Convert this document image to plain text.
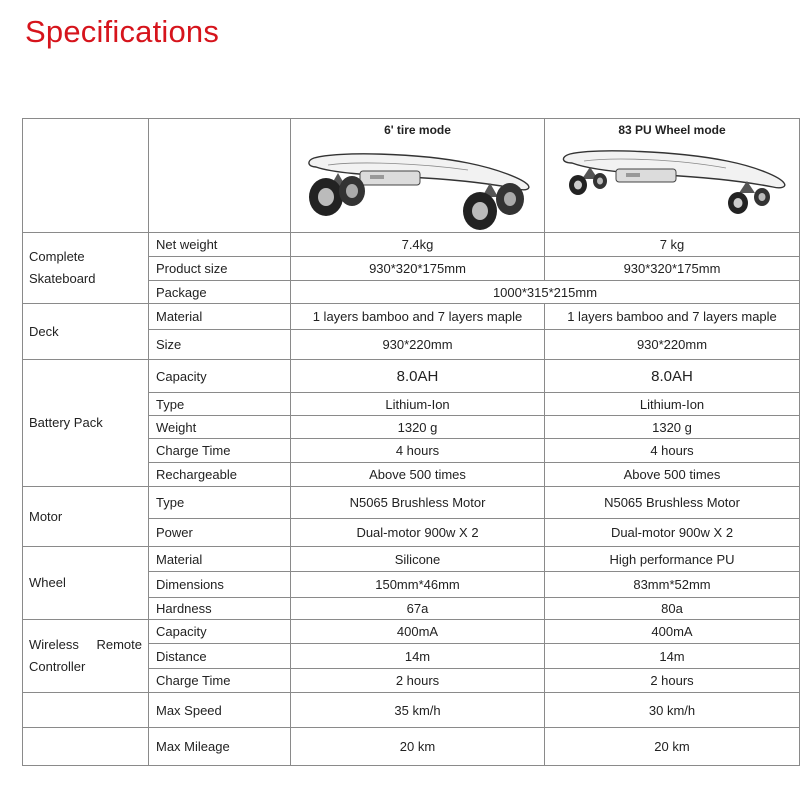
Specifications

		6' tire mode	83 PU Wheel mode

Complete Skateboard	Net weight	7.4kg	7 kg
	Product size	930*320*175mm	930*320*175mm
	Package	1000*315*215mm	
Deck	Material	1 layers bamboo and 7 layers maple	1 layers bamboo and 7 layers maple
	Size	930*220mm	930*220mm
Battery Pack	Capacity	8.0AH	8.0AH
	Type	Lithium-Ion	Lithium-Ion
	Weight	1320 g	1320 g
	Charge Time	4 hours	4 hours
	Rechargeable	Above 500 times	Above 500 times
Motor	Type	N5065 Brushless Motor	N5065 Brushless Motor
	Power	Dual-motor 900w X 2	Dual-motor 900w X 2
Wheel	Material	Silicone	High performance PU
	Dimensions	150mm*46mm	83mm*52mm
	Hardness	67a	80a
Wireless Remote Controller	Capacity	400mA	400mA
	Distance	14m	14m
	Charge Time	2 hours	2 hours
	Max Speed	35 km/h	30 km/h
	Max Mileage	20 km	20 km
